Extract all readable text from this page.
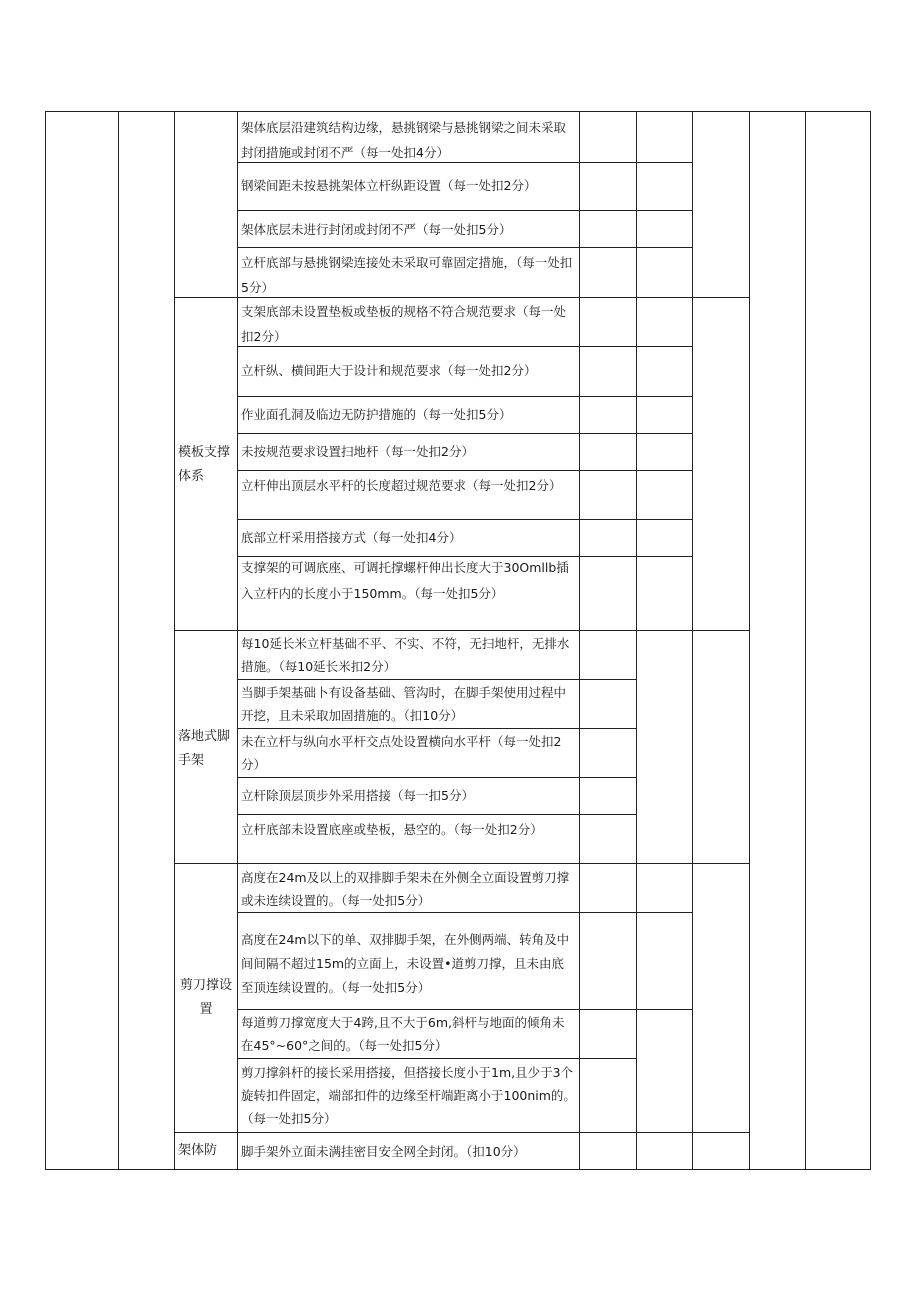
模板支撑体系
落地式脚手架
剪刀撑设置
架体防
架体底层沿建筑结构边缘，悬挑钢梁与悬挑钢梁之间未采取封闭措施或封闭不严（每一处扣4分）
钢梁间距未按悬挑架体立杆纵距设置（每一处扣2分）
架体底层未进行封闭或封闭不严（每一处扣5分）
立杆底部与悬挑钢梁连接处未采取可靠固定措施，（每一处扣5分）
支架底部未设置垫板或垫板的规格不符合规范要求（每一处扣2分）
立杆纵、横间距大于设计和规范要求（每一处扣2分）
作业面孔洞及临边无防护措施的（每一处扣5分）
未按规范要求设置扫地杆（每一处扣2分）
立杆伸出顶层水平杆的长度超过规范要求（每一处扣2分）
底部立杆采用搭接方式（每一处扣4分）
支撑架的可调底座、可调托撑螺杆伸出长度大于30Omllb插入立杆内的长度小于150mm。（每一处扣5分）
每10延长米立杆基础不平、不实、不符，无扫地杆，无排水措施。（每10延长米扣2分）
当脚手架基础卜有设备基础、管沟时，在脚手架使用过程中开挖，且未采取加固措施的。（扣10分）
未在立杆与纵向水平杆交点处设置横向水平杆（每一处扣2分）
立杆除顶层顶步外采用搭接（每一扣5分）
立杆底部未设置底座或垫板，悬空的。（每一处扣2分）
高度在24m及以上的双排脚手架未在外侧全立面设置剪刀撑或未连续设置的。（每一处扣5分）
高度在24m以下的单、双排脚手架，在外侧两端、转角及中间间隔不超过15m的立面上，未设置•道剪刀撑，且未由底至顶连续设置的。（每一处扣5分）
每道剪刀撑宽度大于4跨,且不大于6m,斜杆与地面的倾角未在45°~60°之间的。（每一处扣5分）
剪刀撑斜杆的接长采用搭接，但搭接长度小于1m,且少于3个旋转扣件固定，端部扣件的边缘至杆端距离小于100nim的。（每一处扣5分）
脚手架外立面未满挂密目安全网全封闭。（扣10分）
